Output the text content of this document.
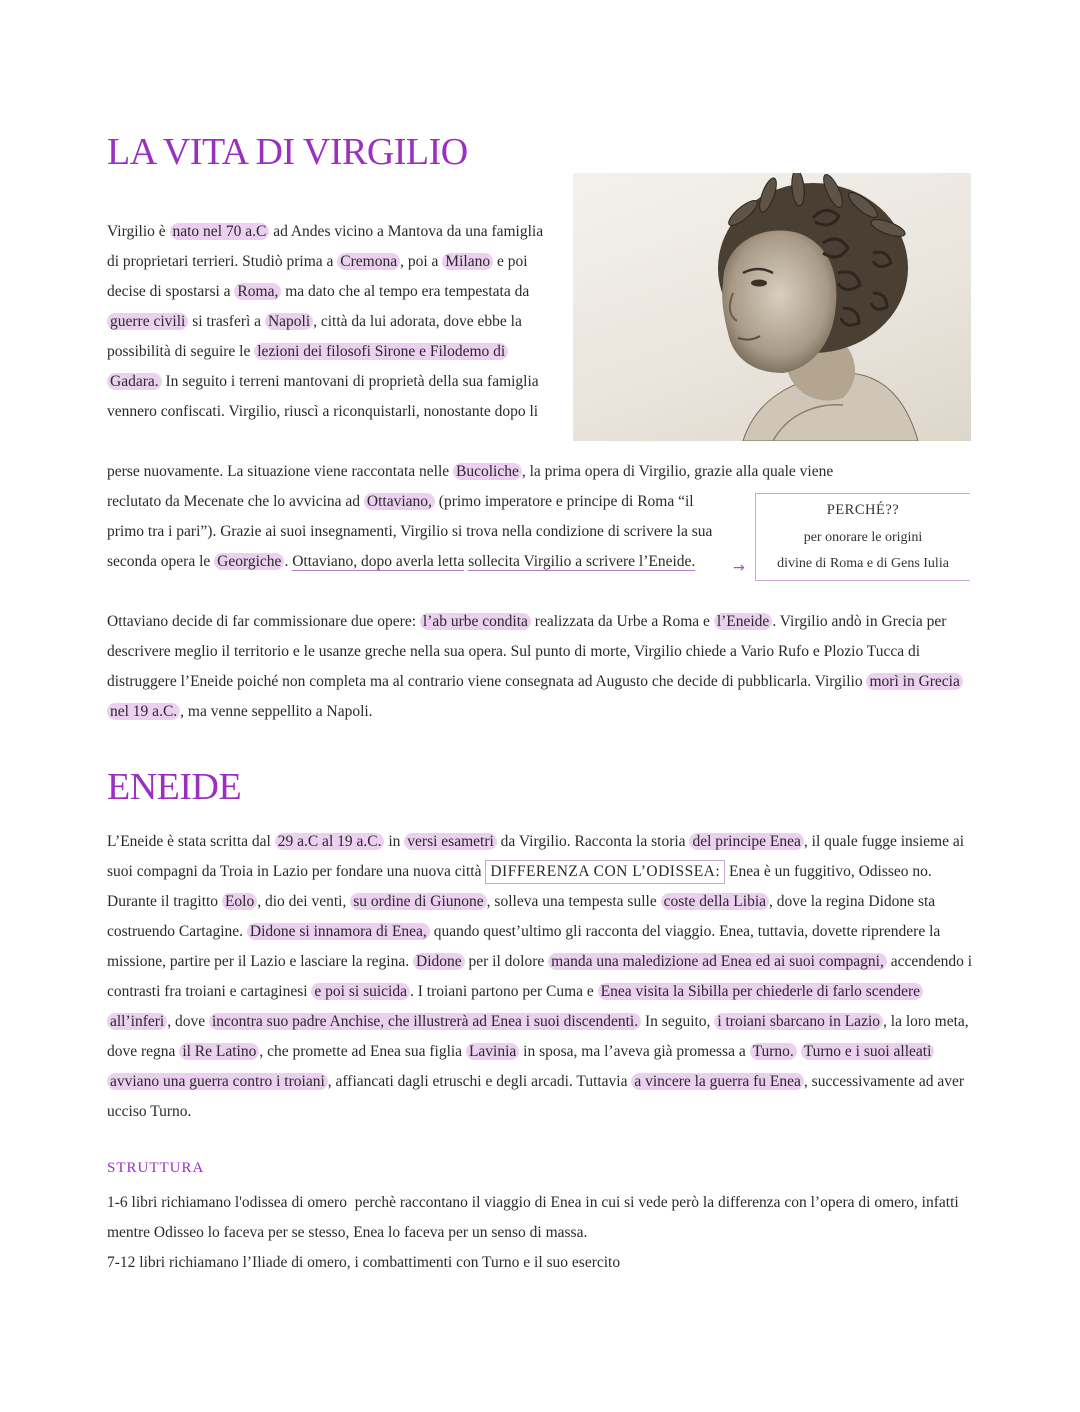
LA VITA DI VIRGILIO

Virgilio è nato nel 70 a.C ad Andes vicino a Mantova da una famiglia di proprietari terrieri. Studiò prima a Cremona , poi a Milano e poi decise di spostarsi a Roma, ma dato che al tempo era tempestata da guerre civili si trasferì a Napoli , città da lui adorata, dove ebbe la possibilità di seguire le lezioni dei filosofi Sirone e Filodemo di Gadara. In seguito i terreni mantovani di proprietà della sua famiglia vennero confiscati. Virgilio, riuscì a riconquistarli, nonostante dopo li

perse nuovamente. La situazione viene raccontata nelle Bucoliche , la prima opera di Virgilio, grazie alla quale viene

reclutato da Mecenate che lo avvicina ad Ottaviano, (primo imperatore e principe di Roma “il primo tra i pari”). Grazie ai suoi insegnamenti, Virgilio si trova nella condizione di scrivere la sua seconda opera le Georgiche . Ottaviano, dopo averla letta sollecita Virgilio a scrivere l’Eneide.	→
PERCHÉ??
per onorare le origini
divine di Roma e di Gens Iulia

Ottaviano decide di far commissionare due opere: l’ab urbe condita realizzata da Urbe a Roma e l’Eneide . Virgilio andò in Grecia per descrivere meglio il territorio e le usanze greche nella sua opera. Sul punto di morte, Virgilio chiede a Vario Rufo e Plozio Tucca di distruggere l’Eneide poiché non completa ma al contrario viene consegnata ad Augusto che decide di pubblicarla. Virgilio morì in Grecia nel 19 a.C. , ma venne seppellito a Napoli.

ENEIDE

L’Eneide è stata scritta dal 29 a.C al 19 a.C. in versi esametri da Virgilio. Racconta la storia del principe Enea , il quale fugge insieme ai suoi compagni da Troia in Lazio per fondare una nuova città DIFFERENZA CON L’ODISSEA: Enea è un fuggitivo, Odisseo no. Durante il tragitto Eolo , dio dei venti, su ordine di Giunone , solleva una tempesta sulle coste della Libia , dove la regina Didone sta costruendo Cartagine. Didone si innamora di Enea, quando quest’ultimo gli racconta del viaggio. Enea, tuttavia, dovette riprendere la missione, partire per il Lazio e lasciare la regina. Didone per il dolore manda una maledizione ad Enea ed ai suoi compagni, accendendo i contrasti fra troiani e cartaginesi e poi si suicida . I troiani partono per Cuma e Enea visita la Sibilla per chiederle di farlo scendere all’inferi , dove incontra suo padre Anchise, che illustrerà ad Enea i suoi discendenti. In seguito, i troiani sbarcano in Lazio , la loro meta, dove regna il Re Latino , che promette ad Enea sua figlia Lavinia in sposa, ma l’aveva già promessa a Turno. Turno e i suoi alleati avviano una guerra contro i troiani , affiancati dagli etruschi e degli arcadi. Tuttavia a vincere la guerra fu Enea , successivamente ad aver ucciso Turno.

STRUTTURA

1-6 libri richiamano l'odissea di omero  perchè raccontano il viaggio di Enea in cui si vede però la differenza con l’opera di omero, infatti mentre Odisseo lo faceva per se stesso, Enea lo faceva per un senso di massa.
7-12 libri richiamano l’Iliade di omero, i combattimenti con Turno e il suo esercito
